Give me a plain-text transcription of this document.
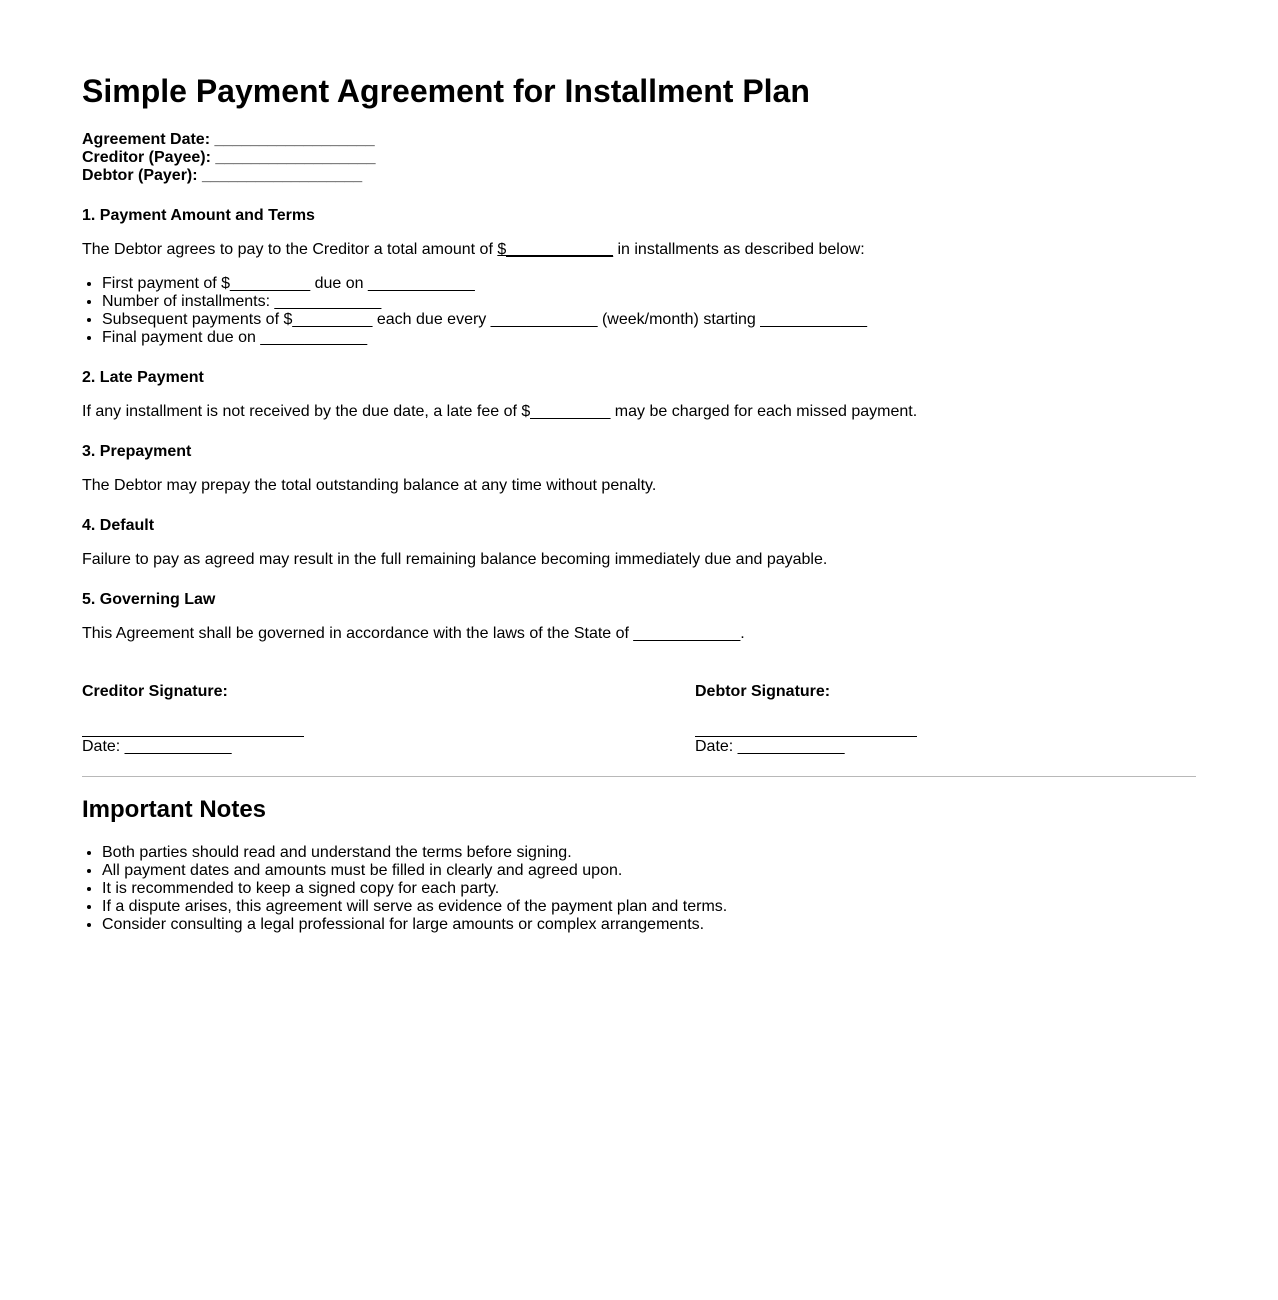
Simple Payment Agreement for Installment Plan
Agreement Date: __________________
Creditor (Payee): __________________
Debtor (Payer): __________________

1. Payment Amount and Terms

The Debtor agrees to pay to the Creditor a total amount of $____________ in installments as described below:

• First payment of $_________ due on ____________
• Number of installments: ____________
• Subsequent payments of $_________ each due every ____________ (week/month) starting ____________
• Final payment due on ____________

2. Late Payment

If any installment is not received by the due date, a late fee of $_________ may be charged for each missed payment.

3. Prepayment

The Debtor may prepay the total outstanding balance at any time without penalty.

4. Default

Failure to pay as agreed may result in the full remaining balance becoming immediately due and payable.

5. Governing Law

This Agreement shall be governed in accordance with the laws of the State of ____________.

Creditor Signature:
Date: ____________
Debtor Signature:
Date: ____________
Important Notes
• Both parties should read and understand the terms before signing.
• All payment dates and amounts must be filled in clearly and agreed upon.
• It is recommended to keep a signed copy for each party.
• If a dispute arises, this agreement will serve as evidence of the payment plan and terms.
• Consider consulting a legal professional for large amounts or complex arrangements.
